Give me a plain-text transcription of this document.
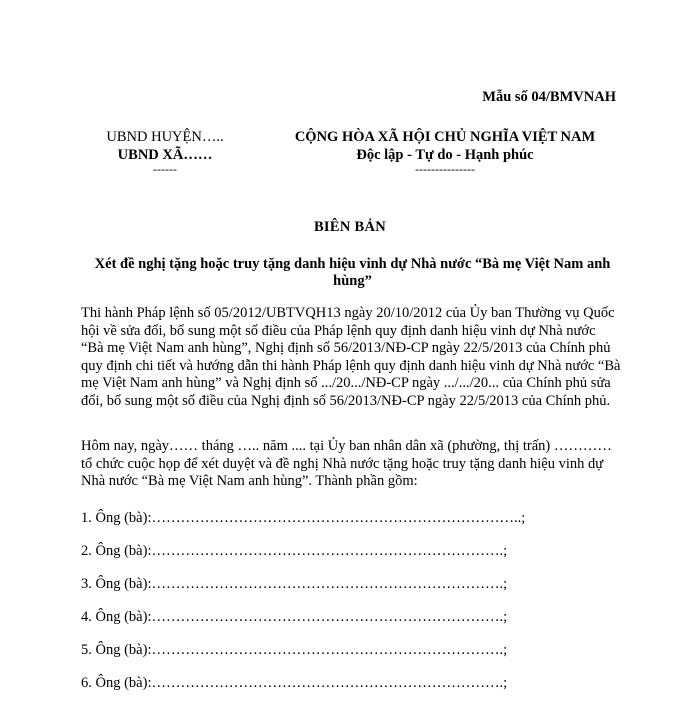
Mẫu số 04/BMVNAH
UBND HUYỆN…..
UBND XÃ……
------
CỘNG HÒA XÃ HỘI CHỦ NGHĨA VIỆT NAM
Độc lập - Tự do - Hạnh phúc
---------------
BIÊN BẢN
Xét đề nghị tặng hoặc truy tặng danh hiệu vinh dự Nhà nước “Bà mẹ Việt Nam anh hùng”
Thi hành Pháp lệnh số 05/2012/UBTVQH13 ngày 20/10/2012 của Ủy ban Thường vụ Quốc hội về sửa đổi, bổ sung một số điều của Pháp lệnh quy định danh hiệu vinh dự Nhà nước “Bà mẹ Việt Nam anh hùng”, Nghị định số 56/2013/NĐ-CP ngày 22/5/2013 của Chính phủ quy định chi tiết và hướng dẫn thi hành Pháp lệnh quy định danh hiệu vinh dự Nhà nước “Bà mẹ Việt Nam anh hùng” và Nghị định số .../20.../NĐ-CP ngày .../.../20... của Chính phủ sửa đổi, bổ sung một số điều của Nghị định số 56/2013/NĐ-CP ngày 22/5/2013 của Chính phủ.
Hôm nay, ngày…… tháng ….. năm .... tại Ủy ban nhân dân xã (phường, thị trấn) ………… tổ chức cuộc họp để xét duyệt và đề nghị Nhà nước tặng hoặc truy tặng danh hiệu vinh dự Nhà nước “Bà mẹ Việt Nam anh hùng”. Thành phần gồm:
1. Ông (bà):…………………………………………………………………..;
2. Ông (bà):……………………………………………………………….;
3. Ông (bà):……………………………………………………………….;
4. Ông (bà):……………………………………………………………….;
5. Ông (bà):……………………………………………………………….;
6. Ông (bà):……………………………………………………………….;
